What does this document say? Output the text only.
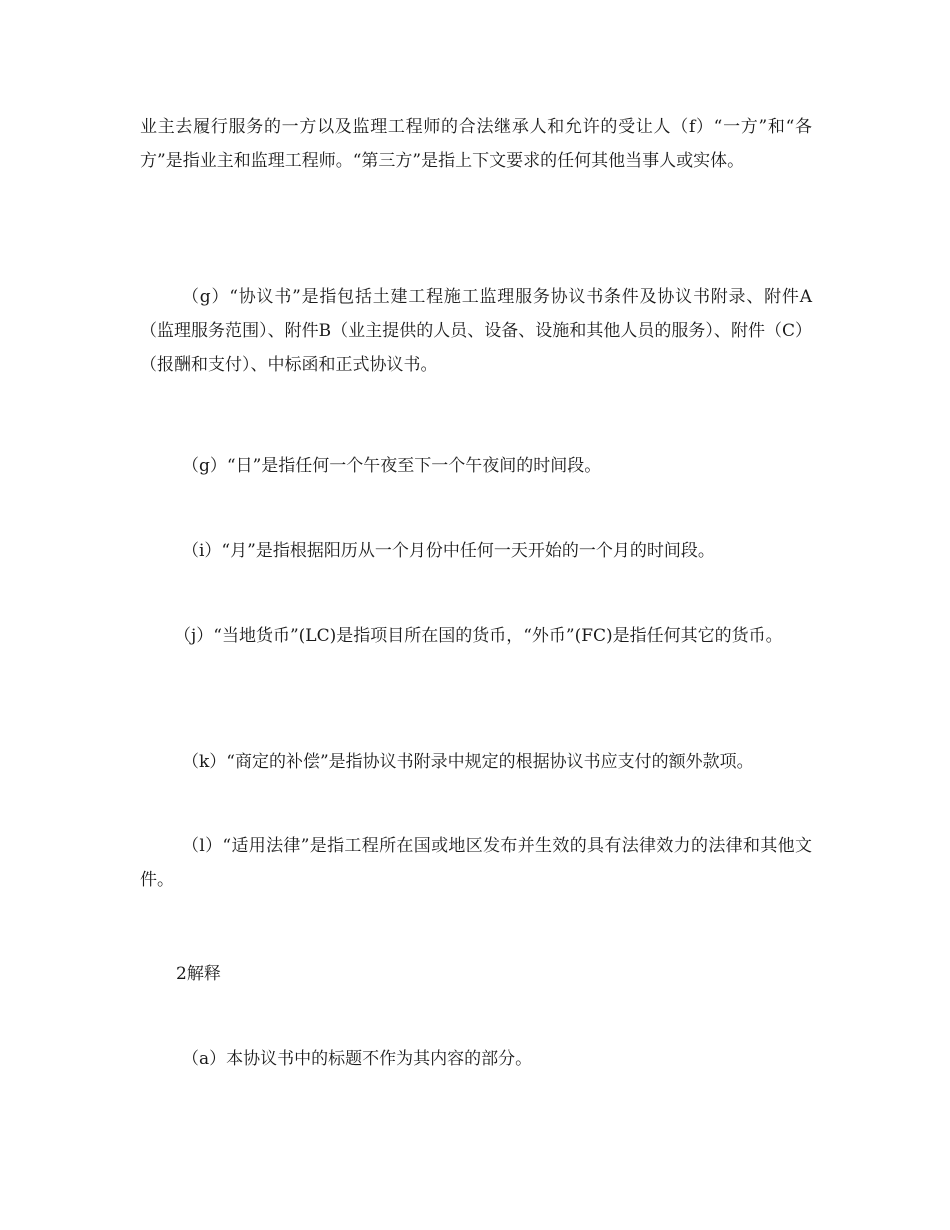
业主去履行服务的一方以及监理工程师的合法继承人和允许的受让人（f）“一方”和“各方”是指业主和监理工程师。“第三方”是指上下文要求的任何其他当事人或实体。

（g）“协议书”是指包括土建工程施工监理服务协议书条件及协议书附录、附件A（监理服务范围）、附件B（业主提供的人员、设备、设施和其他人员的服务）、附件（C）（报酬和支付）、中标函和正式协议书。

（g）“日”是指任何一个午夜至下一个午夜间的时间段。

（i）“月”是指根据阳历从一个月份中任何一天开始的一个月的时间段。

（j）“当地货币”(LC)是指项目所在国的货币，“外币”(FC)是指任何其它的货币。

（k）“商定的补偿”是指协议书附录中规定的根据协议书应支付的额外款项。

（l）“适用法律”是指工程所在国或地区发布并生效的具有法律效力的法律和其他文件。

2解释

（a）本协议书中的标题不作为其内容的部分。
